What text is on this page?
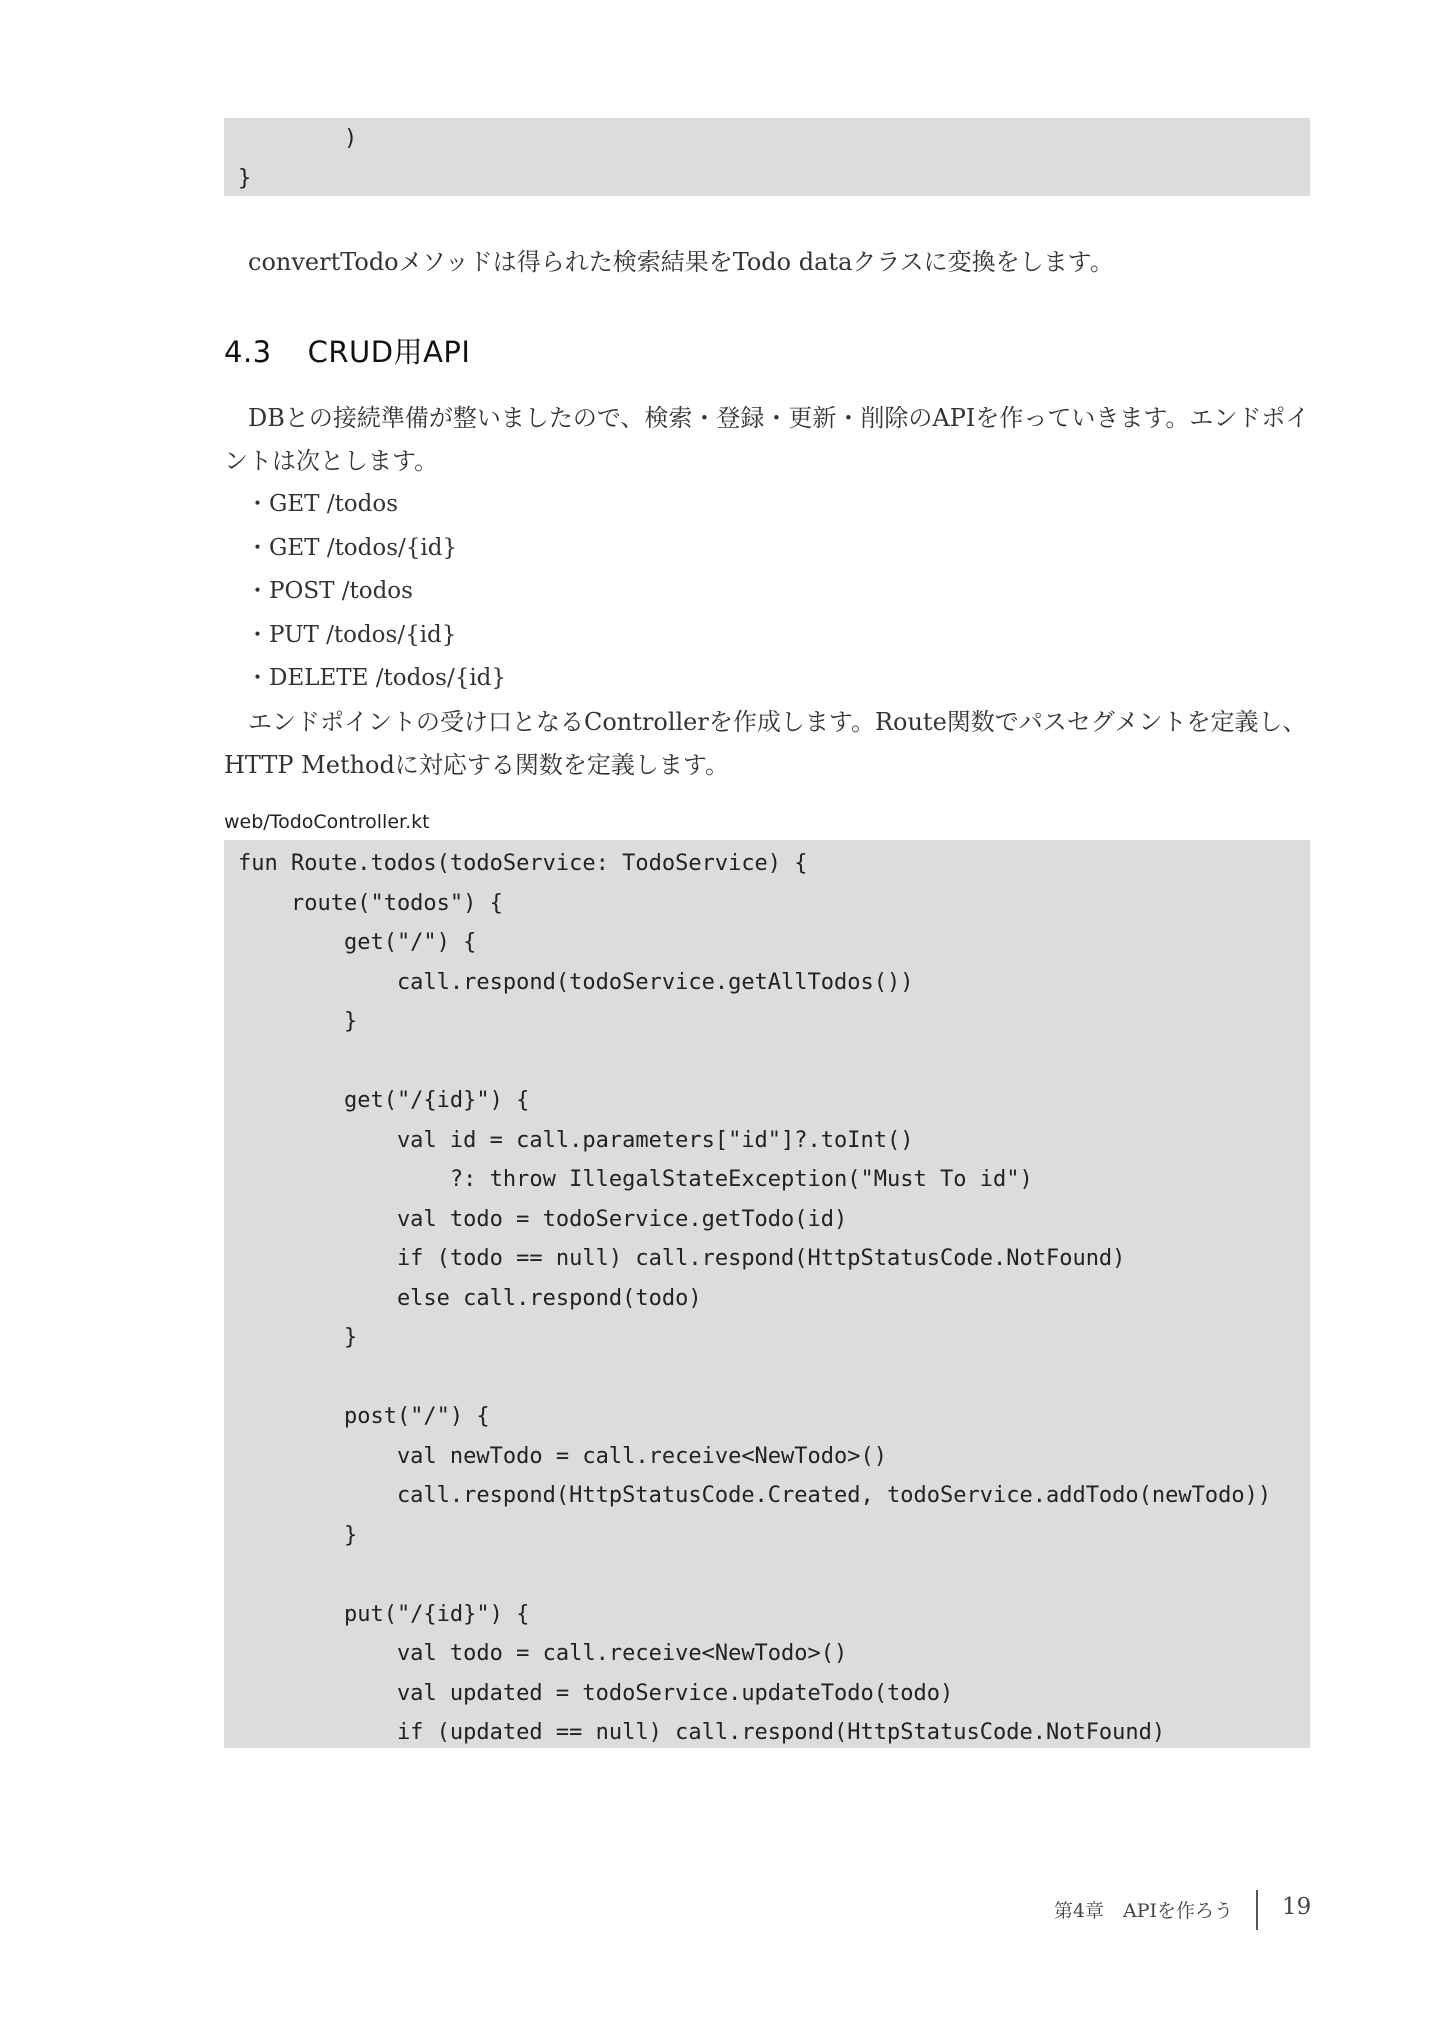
)
}
convertTodoメソッドは得られた検索結果をTodo dataクラスに変換をします。
4.3 CRUD用API
DBとの接続準備が整いましたので、検索・登録・更新・削除のAPIを作っていきます。エンドポイントは次とします。
・GET /todos
・GET /todos/{id}
・POST /todos
・PUT /todos/{id}
・DELETE /todos/{id}
エンドポイントの受け口となるControllerを作成します。Route関数でパスセグメントを定義し、HTTP Methodに対応する関数を定義します。
web/TodoController.kt
fun Route.todos(todoService: TodoService) {
route("todos") {
get("/") {
call.respond(todoService.getAllTodos())
}
get("/{id}") {
val id = call.parameters["id"]?.toInt()
?: throw IllegalStateException("Must To id")
val todo = todoService.getTodo(id)
if (todo == null) call.respond(HttpStatusCode.NotFound)
else call.respond(todo)
}
post("/") {
val newTodo = call.receive<NewTodo>()
call.respond(HttpStatusCode.Created, todoService.addTodo(newTodo))
}
put("/{id}") {
val todo = call.receive<NewTodo>()
val updated = todoService.updateTodo(todo)
if (updated == null) call.respond(HttpStatusCode.NotFound)
第4章　APIを作ろう 19
